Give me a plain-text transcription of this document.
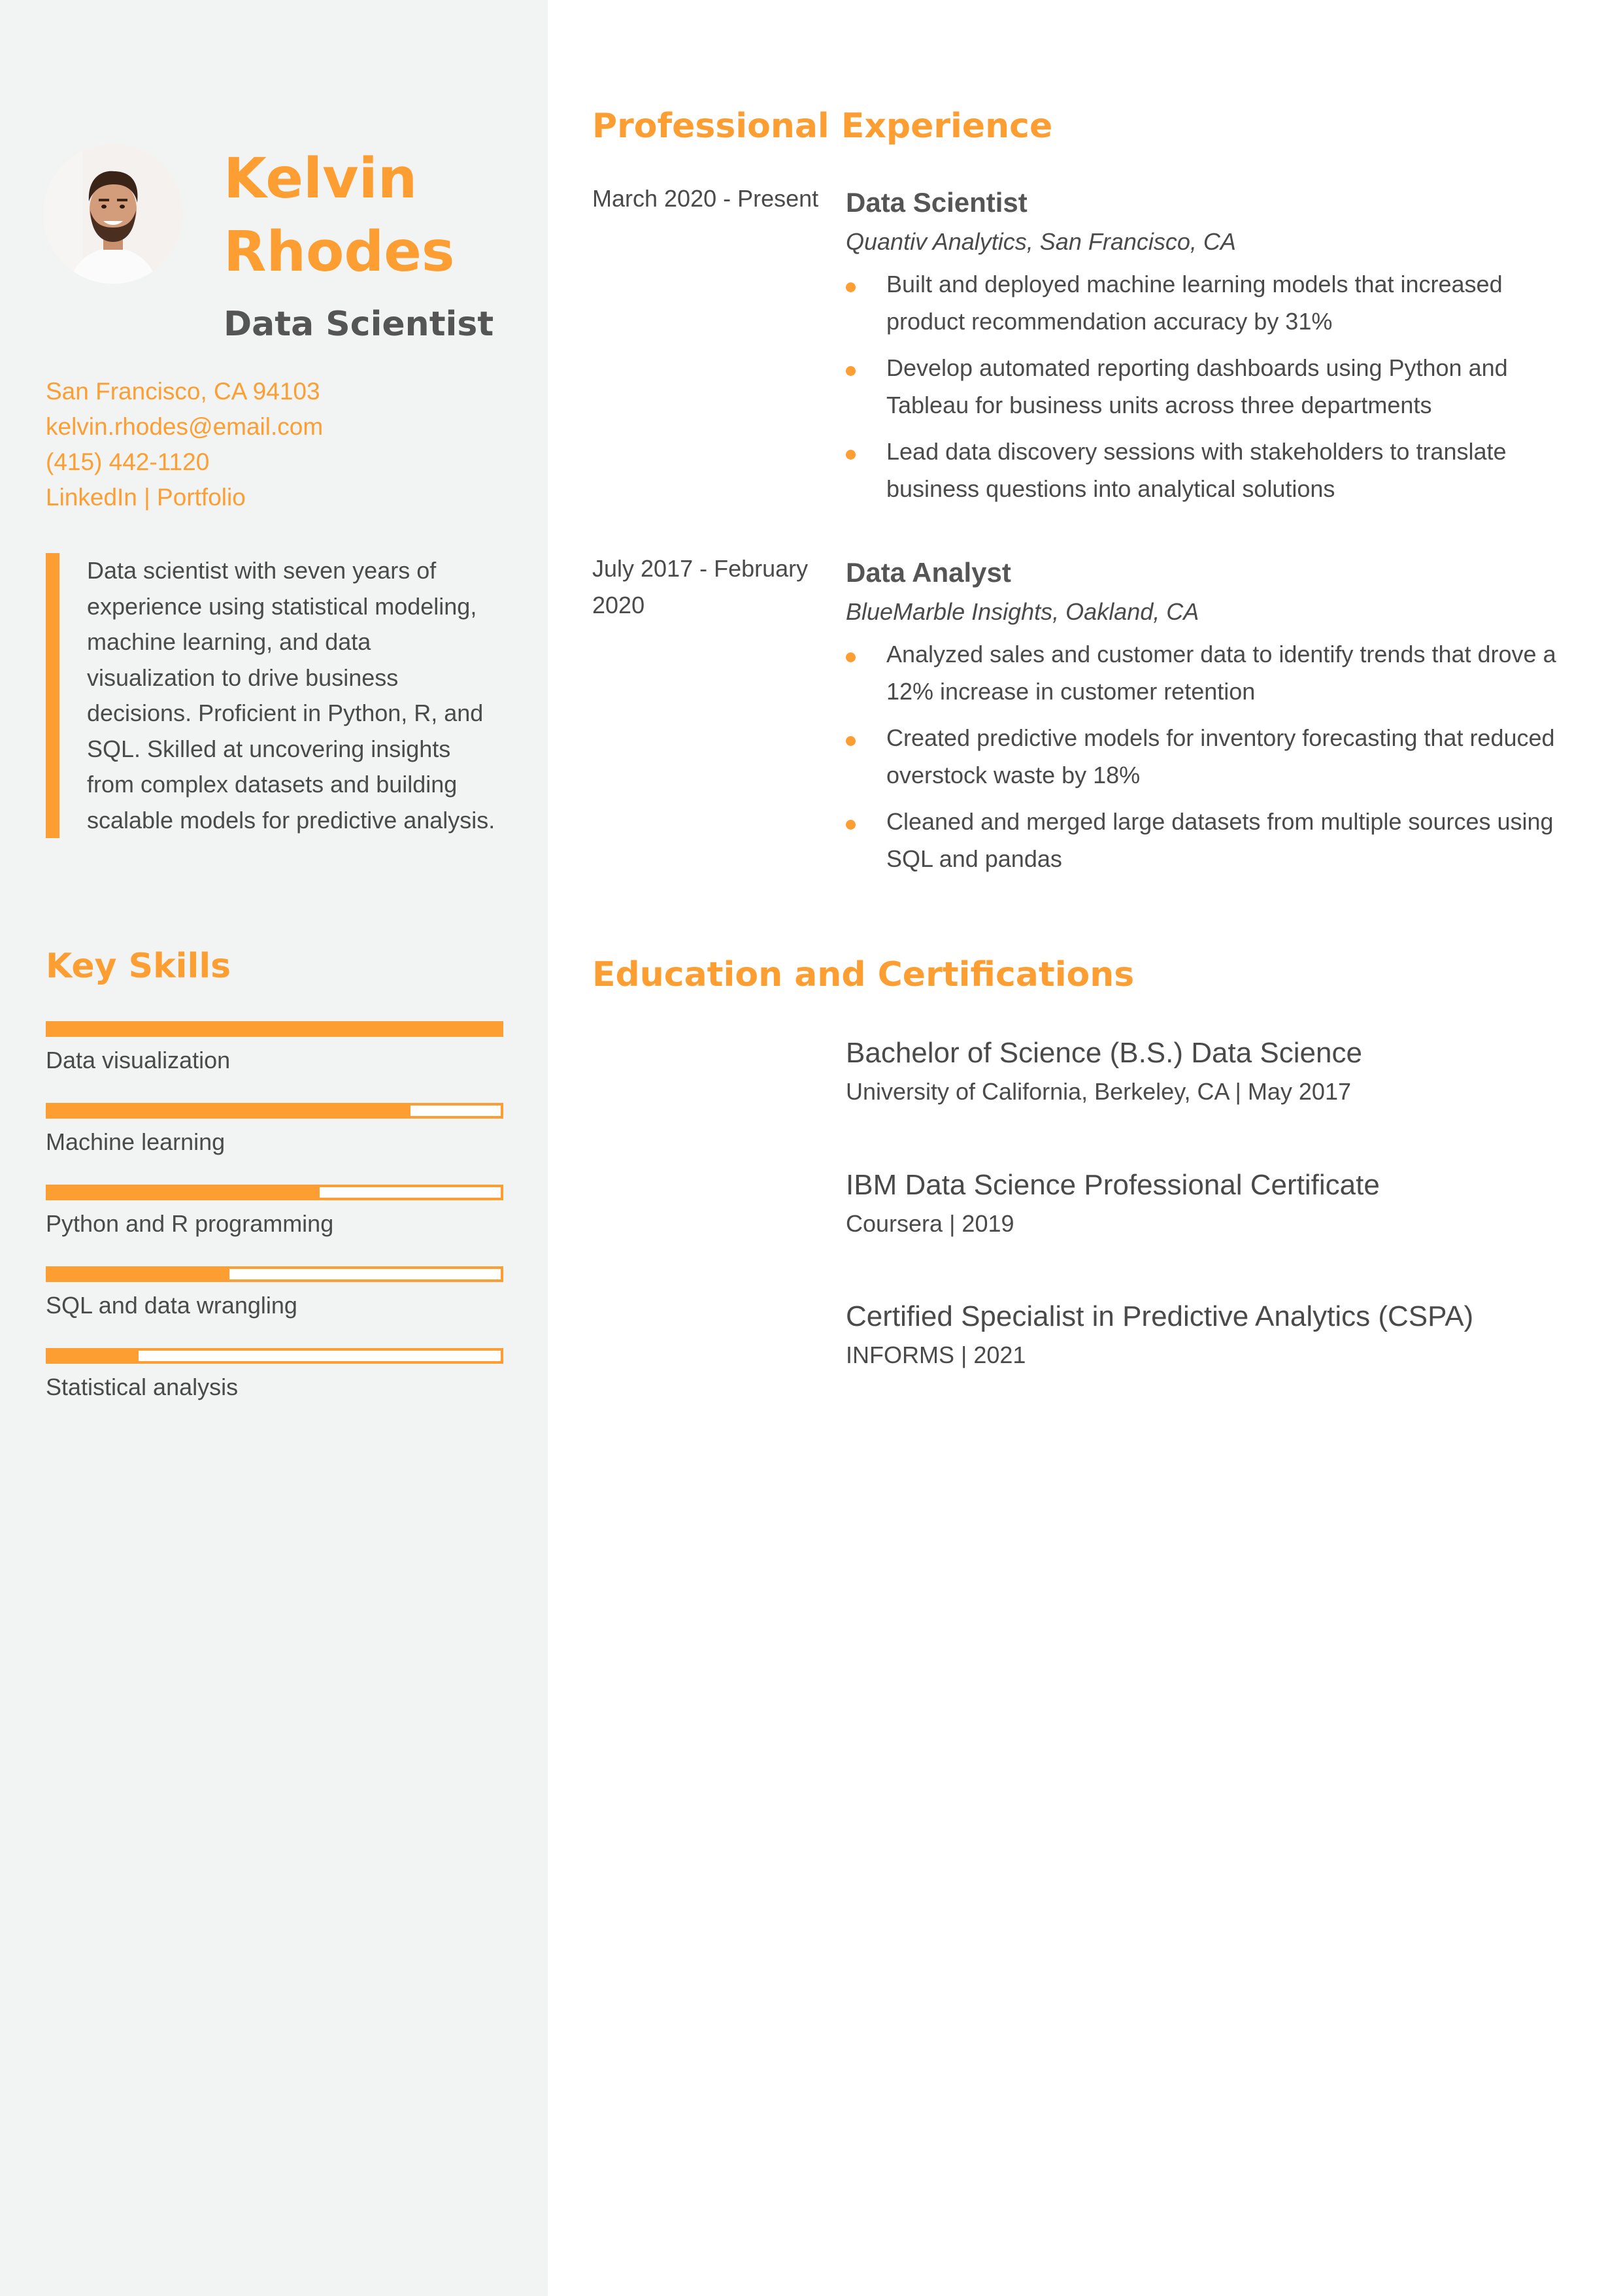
Kelvin
Rhodes
Data Scientist
San Francisco, CA 94103
kelvin.rhodes@email.com
(415) 442-1120
LinkedIn | Portfolio

Data scientist with seven years of experience using statistical modeling, machine learning, and data visualization to drive business decisions. Proficient in Python, R, and SQL. Skilled at uncovering insights from complex datasets and building scalable models for predictive analysis.

Key Skills
Data visualization
Machine learning
Python and R programming
SQL and data wrangling
Statistical analysis
Professional Experience
March 2020 - Present Data Scientist
Quantiv Analytics, San Francisco, CA
Built and deployed machine learning models that increased product recommendation accuracy by 31%
Develop automated reporting dashboards using Python and Tableau for business units across three departments
Lead data discovery sessions with stakeholders to translate business questions into analytical solutions
July 2017 - February 2020
Data Analyst
BlueMarble Insights, Oakland, CA
Analyzed sales and customer data to identify trends that drove a 12% increase in customer retention
Created predictive models for inventory forecasting that reduced overstock waste by 18%
Cleaned and merged large datasets from multiple sources using SQL and pandas
Education and Certifications
Bachelor of Science (B.S.) Data Science
University of California, Berkeley, CA | May 2017
IBM Data Science Professional Certificate
Coursera | 2019
Certified Specialist in Predictive Analytics (CSPA)
INFORMS | 2021
